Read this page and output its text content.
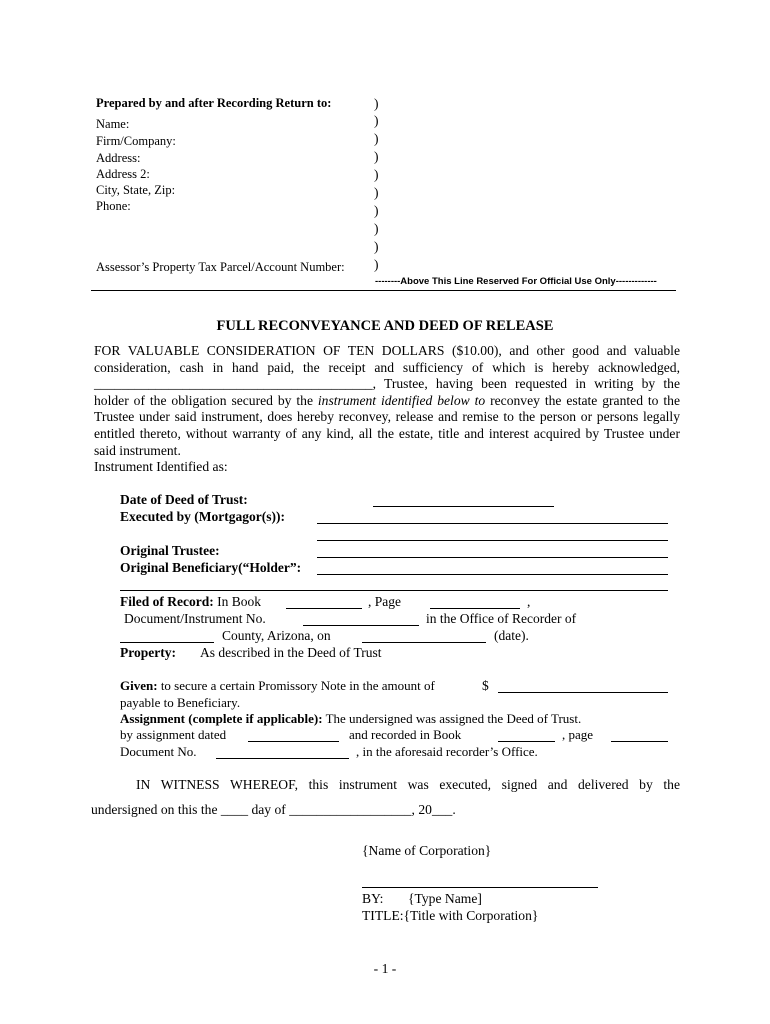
Prepared by and after Recording Return to:
Name:
Firm/Company:
Address:
Address 2:
City, State, Zip:
Phone:
Assessor’s Property Tax Parcel/Account Number:
)
)
)
)
)
)
)
)
)
)
--------Above This Line Reserved For Official Use Only-------------
FULL RECONVEYANCE AND DEED OF RELEASE
FOR VALUABLE CONSIDERATION OF TEN DOLLARS ($10.00), and other good and valuable
consideration, cash in hand paid, the receipt and sufficiency of which is hereby acknowledged,
_________________________________________, Trustee, having been requested in writing by the
holder of the obligation secured by the instrument identified below to reconvey the estate granted to the
Trustee under said instrument, does hereby reconvey, release and remise to the person or persons legally
entitled thereto, without warranty of any kind, all the estate, title and interest acquired by Trustee under
said instrument.
Instrument Identified as:
Date of Deed of Trust:
Executed by (Mortgagor(s)):
Original Trustee:
Original Beneficiary(“Holder”:
Filed of Record: In Book	, Page	,
Document/Instrument No.	in the Office of Recorder of
County, Arizona, on	(date).
Property: As described in the Deed of Trust
Given: to secure a certain Promissory Note in the amount of	$
payable to Beneficiary.
Assignment (complete if applicable): The undersigned was assigned the Deed of Trust.
by assignment dated	and recorded in Book	, page
Document No.	, in the aforesaid recorder’s Office.
IN WITNESS WHEREOF, this instrument was executed, signed and delivered by the
undersigned on this the ____ day of __________________, 20___.
{Name of Corporation}
BY: {Type Name]
TITLE:{Title with Corporation}
- 1 -
